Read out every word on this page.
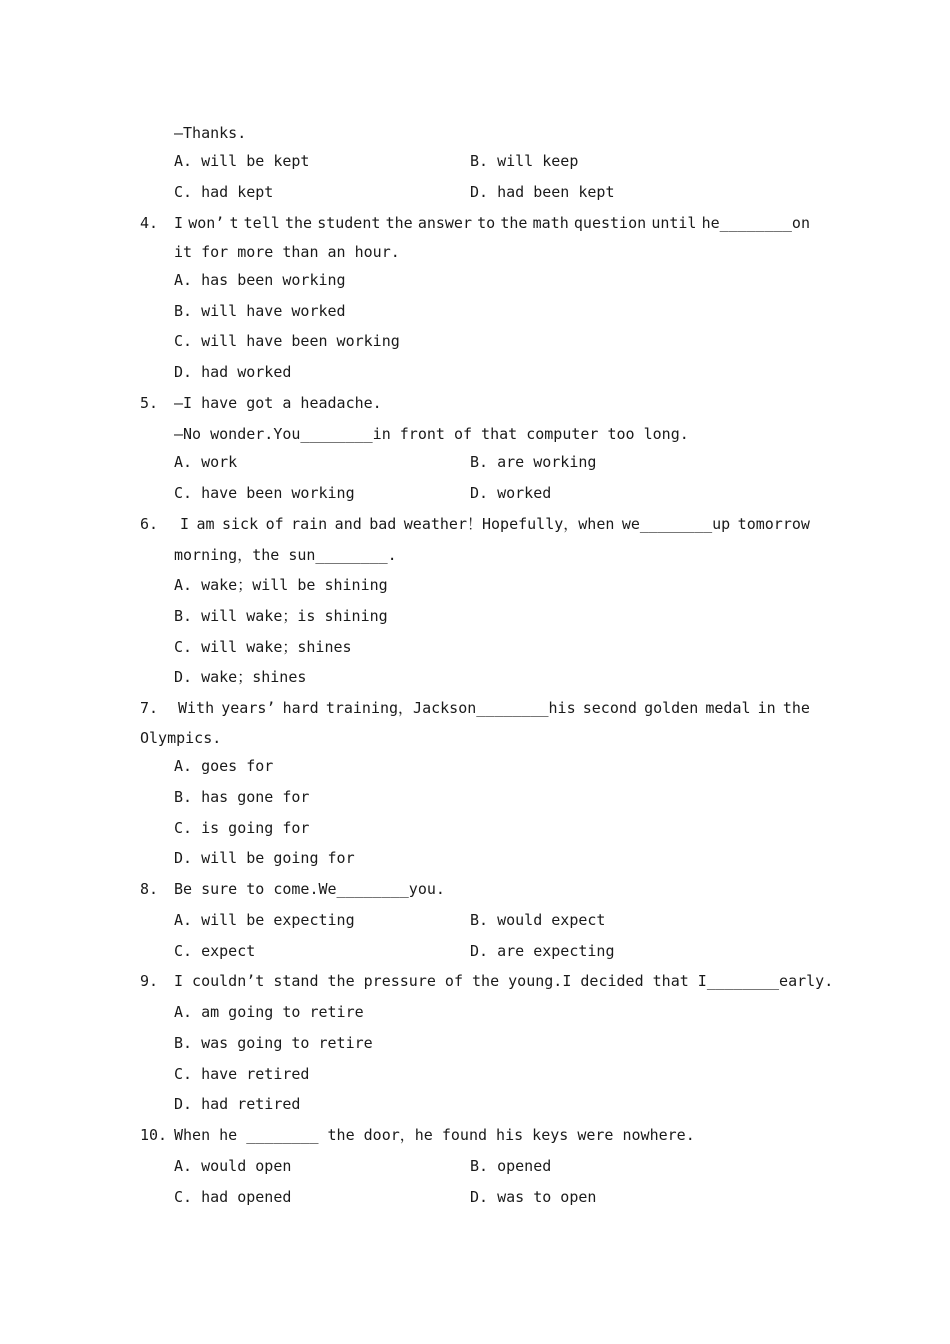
—Thanks.
A. will be kept	B. will keep
C. had kept	D. had been kept
4. I won’ t tell the student the answer to the math question until he________on
it for more than an hour.
A. has been working
B. will have worked
C. will have been working
D. had worked
5. —I have got a headache.
—No wonder.You________in front of that computer too long.
A. work	B. are working
C. have been working	D. worked
6. I am sick of rain and bad weather！Hopefully，when we________up tomorrow
morning，the sun________.
A. wake；will be shining
B. will wake；is shining
C. will wake；shines
D. wake；shines
7. With years’ hard training，Jackson________his second golden medal in the
Olympics.
A. goes for
B. has gone for
C. is going for
D. will be going for
8. Be sure to come.We________you.
A. will be expecting	B. would expect
C. expect	D. are expecting
9. I couldn’t stand the pressure of the young.I decided that I________early.
A. am going to retire
B. was going to retire
C. have retired
D. had retired
10. When he ________ the door，he found his keys were nowhere.
A. would open	B. opened
C. had opened	D. was to open
